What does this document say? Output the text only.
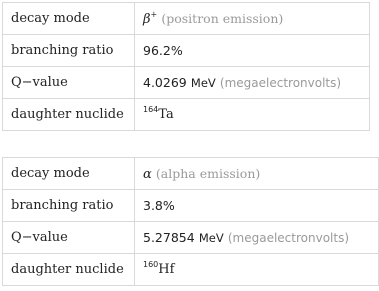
decay mode	β+ (positron emission)
branching ratio	96.2%
Q−value	4.0269 MeV (megaelectronvolts)
daughter nuclide	$^{164}$Ta
decay mode	α (alpha emission)
branching ratio	3.8%
Q−value	5.27854 MeV (megaelectronvolts)
daughter nuclide	$^{160}$Hf
